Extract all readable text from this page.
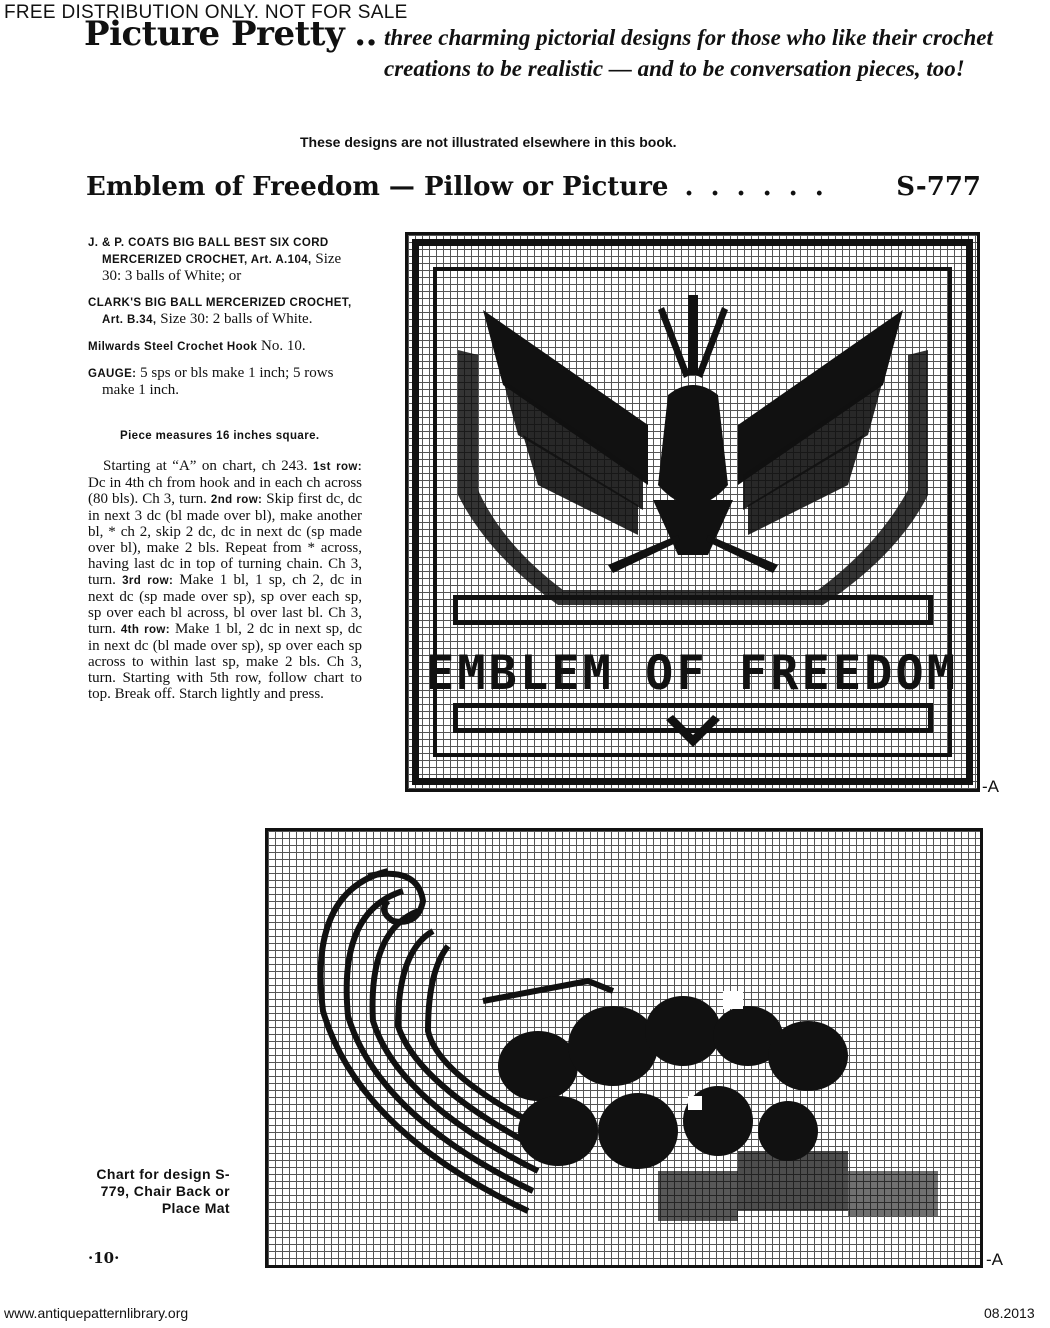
FREE DISTRIBUTION ONLY. NOT FOR SALE
Picture Pretty .. three charming pictorial designs for those who like their crochet creations to be realistic — and to be conversation pieces, too!
These designs are not illustrated elsewhere in this book.
Emblem of Freedom — Pillow or Picture ......	S-777

J. & P. COATS BIG BALL BEST SIX CORD MERCERIZED CROCHET, Art. A.104, Size 30: 3 balls of White; or

CLARK'S BIG BALL MERCERIZED CROCHET, Art. B.34, Size 30: 2 balls of White.

Milwards Steel Crochet Hook No. 10.

GAUGE: 5 sps or bls make 1 inch; 5 rows make 1 inch.

Piece measures 16 inches square.

Starting at “A” on chart, ch 243. 1st row: Dc in 4th ch from hook and in each ch across (80 bls). Ch 3, turn. 2nd row: Skip first dc, dc in next 3 dc (bl made over bl), make another bl, * ch 2, skip 2 dc, dc in next dc (sp made over bl), make 2 bls. Repeat from * across, having last dc in top of turning chain. Ch 3, turn. 3rd row: Make 1 bl, 1 sp, ch 2, dc in next dc (sp made over sp), sp over each sp, sp over each bl across, bl over last bl. Ch 3, turn. 4th row: Make 1 bl, 2 dc in next sp, dc in next dc (bl made over sp), sp over each sp across to within last sp, make 2 bls. Ch 3, turn. Starting with 5th row, follow chart to top. Break off. Starch lightly and press.	EMBLEM OF FREEDOM
-A
-A
Chart for design S-779, Chair Back or Place Mat
·10·
www.antiquepatternlibrary.org	08.2013
